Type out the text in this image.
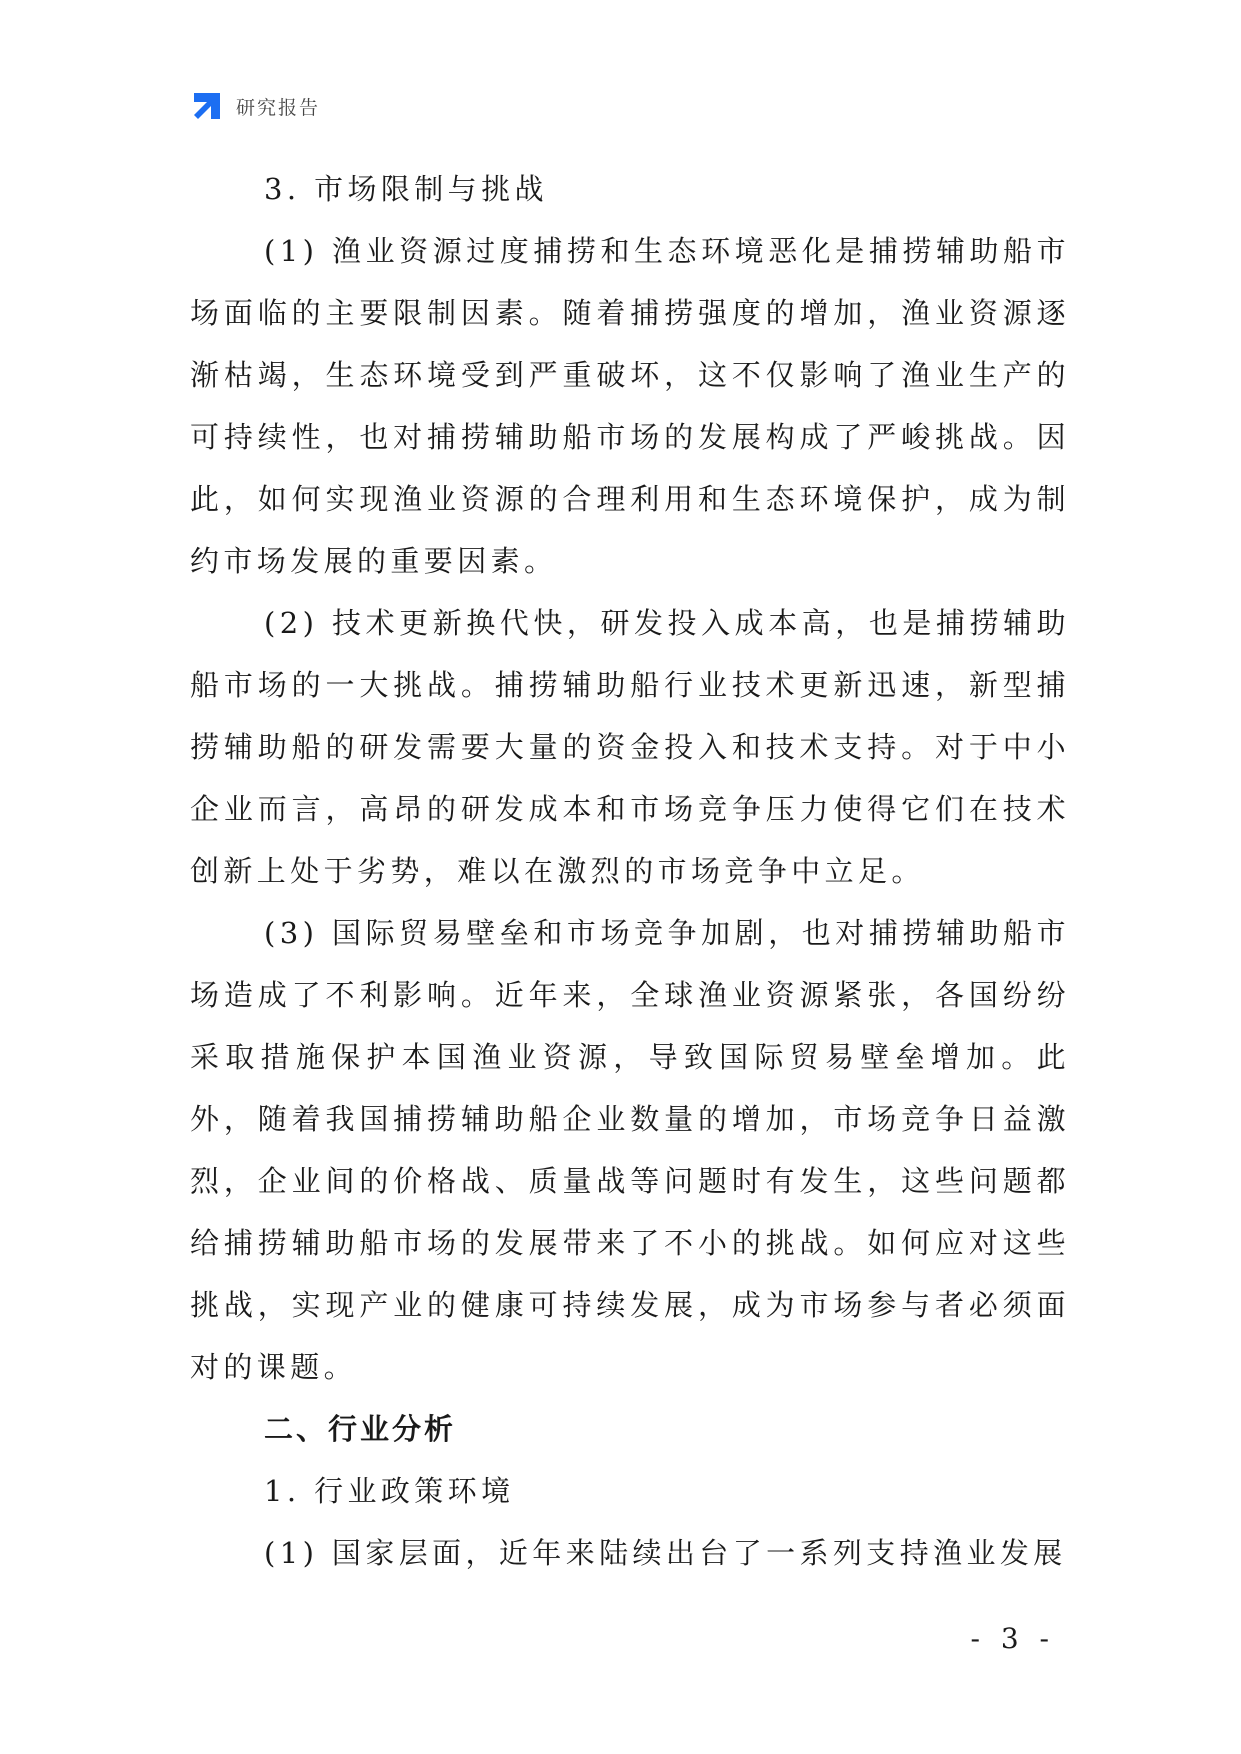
研究报告

3. 市场限制与挑战

(1) 渔业资源过度捕捞和生态环境恶化是捕捞辅助船市场面临的主要限制因素。随着捕捞强度的增加，渔业资源逐渐枯竭，生态环境受到严重破坏，这不仅影响了渔业生产的可持续性，也对捕捞辅助船市场的发展构成了严峻挑战。因此，如何实现渔业资源的合理利用和生态环境保护，成为制约市场发展的重要因素。

(2) 技术更新换代快，研发投入成本高，也是捕捞辅助船市场的一大挑战。捕捞辅助船行业技术更新迅速，新型捕捞辅助船的研发需要大量的资金投入和技术支持。对于中小企业而言，高昂的研发成本和市场竞争压力使得它们在技术创新上处于劣势，难以在激烈的市场竞争中立足。

(3) 国际贸易壁垒和市场竞争加剧，也对捕捞辅助船市场造成了不利影响。近年来，全球渔业资源紧张，各国纷纷采取措施保护本国渔业资源，导致国际贸易壁垒增加。此外，随着我国捕捞辅助船企业数量的增加，市场竞争日益激烈，企业间的价格战、质量战等问题时有发生，这些问题都给捕捞辅助船市场的发展带来了不小的挑战。如何应对这些挑战，实现产业的健康可持续发展，成为市场参与者必须面对的课题。

二、行业分析

1. 行业政策环境

(1) 国家层面，近年来陆续出台了一系列支持渔业发展

- 3 -
